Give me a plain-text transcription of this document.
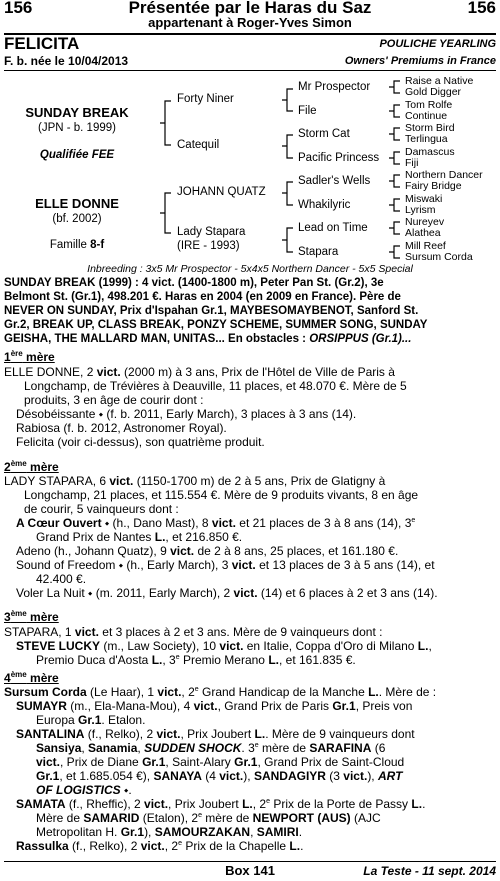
156	Présentée par le Haras du Saz	156
appartenant à Roger-Yves Simon
FELICITA	POULICHE YEARLING
F. b. née le 10/04/2013	Owners' Premiums in France
SUNDAY BREAK
(JPN - b. 1999)
Qualifiée FEE
ELLE DONNE
(bf. 2002)
Famille 8-f
Forty Niner
Catequil
JOHANN QUATZ
Lady Stapara
(IRE - 1993)
Mr Prospector
File
Storm Cat
Pacific Princess
Sadler's Wells
Whakilyric
Lead on Time
Stapara
Raise a Native
Gold Digger
Tom Rolfe
Continue
Storm Bird
Terlingua
Damascus
Fiji
Northern Dancer
Fairy Bridge
Miswaki
Lyrism
Nureyev
Alathea
Mill Reef
Sursum Corda
Inbreeding : 3x5 Mr Prospector - 5x4x5 Northern Dancer - 5x5 Special
SUNDAY BREAK (1999) : 4 vict. (1400-1800 m), Peter Pan St. (Gr.2), 3e
Belmont St. (Gr.1), 498.201 €. Haras en 2004 (en 2009 en France). Père de
NEVER ON SUNDAY, Prix d'Ispahan Gr.1, MAYBESOMAYBENOT, Sanford St.
Gr.2, BREAK UP, CLASS BREAK, PONZY SCHEME, SUMMER SONG, SUNDAY
GEISHA, THE MALLARD MAN, UNITAS... En obstacles : ORSIPPUS (Gr.1)...
1ère mère
ELLE DONNE, 2 vict. (2000 m) à 3 ans, Prix de l'Hôtel de Ville de Paris à
Longchamp, de Trévières à Deauville, 11 places, et 48.070 €. Mère de 5
produits, 3 en âge de courir dont :
Désobéissante ⬩ (f. b. 2011, Early March), 3 places à 3 ans (14).
Rabiosa (f. b. 2012, Astronomer Royal).
Felicita (voir ci-dessus), son quatrième produit.
2ème mère
LADY STAPARA, 6 vict. (1150-1700 m) de 2 à 5 ans, Prix de Glatigny à
Longchamp, 21 places, et 115.554 €. Mère de 9 produits vivants, 8 en âge
de courir, 5 vainqueurs dont :
A Cœur Ouvert ⬩ (h., Dano Mast), 8 vict. et 21 places de 3 à 8 ans (14), 3e
Grand Prix de Nantes L., et 216.850 €.
Adeno (h., Johann Quatz), 9 vict. de 2 à 8 ans, 25 places, et 161.180 €.
Sound of Freedom ⬩ (h., Early March), 3 vict. et 13 places de 3 à 5 ans (14), et
42.400 €.
Voler La Nuit ⬩ (m. 2011, Early March), 2 vict. (14) et 6 places à 2 et 3 ans (14).
3ème mère
STAPARA, 1 vict. et 3 places à 2 et 3 ans. Mère de 9 vainqueurs dont :
STEVE LUCKY (m., Law Society), 10 vict. en Italie, Coppa d'Oro di Milano L.,
Premio Duca d'Aosta L., 3e Premio Merano L., et 161.835 €.
4ème mère
Sursum Corda (Le Haar), 1 vict., 2e Grand Handicap de la Manche L.. Mère de :
SUMAYR (m., Ela-Mana-Mou), 4 vict., Grand Prix de Paris Gr.1, Preis von
Europa Gr.1. Etalon.
SANTALINA (f., Relko), 2 vict., Prix Joubert L.. Mère de 9 vainqueurs dont
Sansiya, Sanamia, SUDDEN SHOCK. 3e mère de SARAFINA (6
vict., Prix de Diane Gr.1, Saint-Alary Gr.1, Grand Prix de Saint-Cloud
Gr.1, et 1.685.054 €), SANAYA (4 vict.), SANDAGIYR (3 vict.), ART
OF LOGISTICS ⬩.
SAMATA (f., Rheffic), 2 vict., Prix Joubert L., 2e Prix de la Porte de Passy L..
Mère de SAMARID (Etalon), 2e mère de NEWPORT (AUS) (AJC
Metropolitan H. Gr.1), SAMOURZAKAN, SAMIRI.
Rassulka (f., Relko), 2 vict., 2e Prix de la Chapelle L..
Box 141	La Teste - 11 sept. 2014
